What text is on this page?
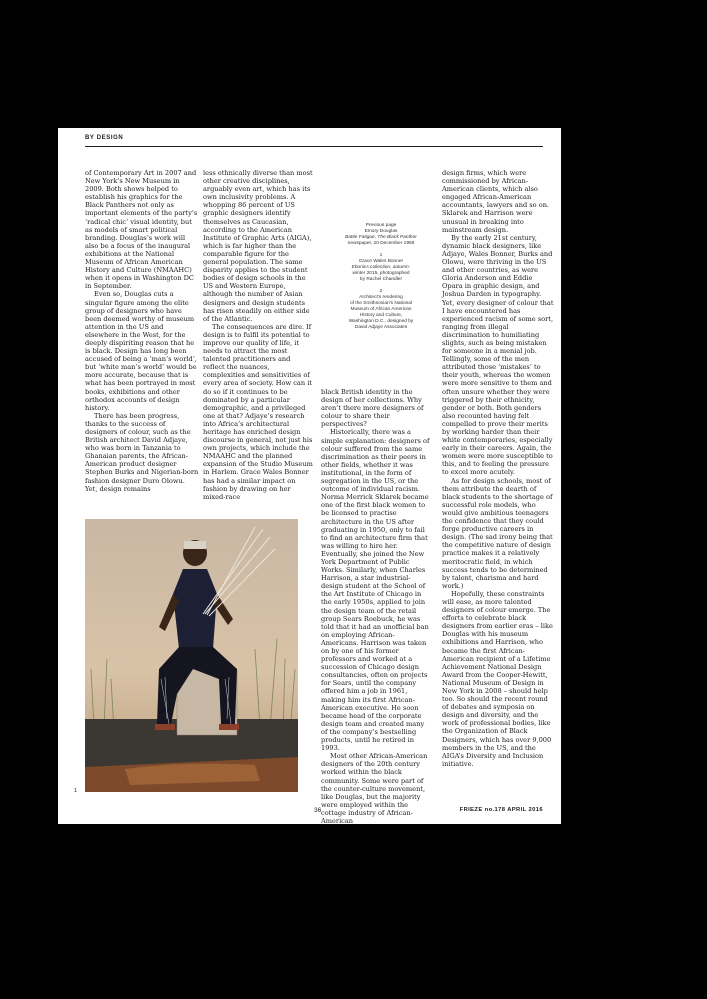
BY DESIGN

of Contemporary Art in 2007 and New York’s New Museum in 2009. Both shows helped to establish his graphics for the Black Panthers not only as important elements of the party’s ‘radical chic’ visual identity, but as models of smart political branding. Douglas’s work will also be a focus of the inaugural exhibitions at the National Museum of African American History and Culture (NMAAHC) when it opens in Washington DC in September.

Even so, Douglas cuts a singular figure among the elite group of designers who have been deemed worthy of museum attention in the US and elsewhere in the West, for the deeply dispiriting reason that he is black. Design has long been accused of being a ‘man’s world’, but ‘white man’s world’ would be more accurate, because that is what has been portrayed in most books, exhibitions and other orthodox accounts of design history.

There has been progress, thanks to the success of designers of colour, such as the British architect David Adjaye, who was born in Tanzania to Ghanaian parents, the African-American product designer Stephen Burks and Nigerian-born fashion designer Duro Olowu. Yet, design remains

less ethnically diverse than most other creative disciplines, arguably even art, which has its own inclusivity problems. A whopping 86 percent of US graphic designers identify themselves as Caucasian, according to the American Institute of Graphic Arts (AIGA), which is far higher than the comparable figure for the general population. The same disparity applies to the student bodies of design schools in the US and Western Europe, although the number of Asian designers and design students has risen steadily on either side of the Atlantic.

The consequences are dire. If design is to fulfil its potential to improve our quality of life, it needs to attract the most talented practitioners and reflect the nuances, complexities and sensitivities of every area of society. How can it do so if it continues to be dominated by a particular demographic, and a privileged one at that? Adjaye’s research into Africa’s architectural heritage has enriched design discourse in general, not just his own projects, which include the NMAAHC and the planned expansion of the Studio Museum in Harlem. Grace Wales Bonner has had a similar impact on fashion by drawing on her mixed-race

Previous page
Emory Douglas
Battle Fatigue, The Black Panther
newspaper, 20 December 1969
1
Grace Wales Bonner
Ebonics collection, autumn-
winter 2015, photographed
by Rachel Chandler
2
Architect’s rendering
of the Smithsonian’s National
Museum of African American
History and Culture,
Washington D.C., designed by
David Adjaye Associates

black British identity in the design of her collections. Why aren’t there more designers of colour to share their perspectives?

Historically, there was a simple explanation: designers of colour suffered from the same discrimination as their peers in other fields, whether it was institutional, in the form of segregation in the US, or the outcome of individual racism. Norma Merrick Sklarek became one of the first black women to be licensed to practise architecture in the US after graduating in 1950, only to fail to find an architecture firm that was willing to hire her. Eventually, she joined the New York Department of Public Works. Similarly, when Charles Harrison, a star industrial-design student at the School of the Art Institute of Chicago in the early 1950s, applied to join the design team of the retail group Sears Roebuck, he was told that it had an unofficial ban on employing African-Americans. Harrison was taken on by one of his former professors and worked at a succession of Chicago design consultancies, often on projects for Sears, until the company offered him a job in 1961, making him its first African-American executive. He soon became head of the corporate design team and created many of the company’s bestselling products, until he retired in 1993.

Most other African-American designers of the 20th century worked within the black community. Some were part of the counter-culture movement, like Douglas, but the majority were employed within the cottage industry of African-American

design firms, which were commissioned by African-American clients, which also engaged African-American accountants, lawyers and so on. Sklarek and Harrison were unusual in breaking into mainstream design.

By the early 21st century, dynamic black designers, like Adjaye, Wales Bonner, Burks and Olowu, were thriving in the US and other countries, as were Gloria Anderson and Eddie Opara in graphic design, and Joshua Darden in typography. Yet, every designer of colour that I have encountered has experienced racism of some sort, ranging from illegal discrimination to humiliating slights, such as being mistaken for someone in a menial job. Tellingly, some of the men attributed those ‘mistakes’ to their youth, whereas the women were more sensitive to them and often unsure whether they were triggered by their ethnicity, gender or both. Both genders also recounted having felt compelled to prove their merits by working harder than their white contemporaries, especially early in their careers. Again, the women were more susceptible to this, and to feeling the pressure to excel more acutely.

As for design schools, most of them attribute the dearth of black students to the shortage of successful role models, who would give ambitious teenagers the confidence that they could forge productive careers in design. (The sad irony being that the competitive nature of design practice makes it a relatively meritocratic field, in which success tends to be determined by talent, charisma and hard work.)

Hopefully, these constraints will ease, as more talented designers of colour emerge. The efforts to celebrate black designers from earlier eras – like Douglas with his museum exhibitions and Harrison, who became the first African-American recipient of a Lifetime Achievement National Design Award from the Cooper-Hewitt, National Museum of Design in New York in 2008 – should help too. So should the recent round of debates and symposia on design and diversity, and the work of professional bodies, like the Organization of Black Designers, which has over 9,000 members in the US, and the AIGA’s Diversity and Inclusion initiative.

1
36	FRIEZE no.178 APRIL 2016
